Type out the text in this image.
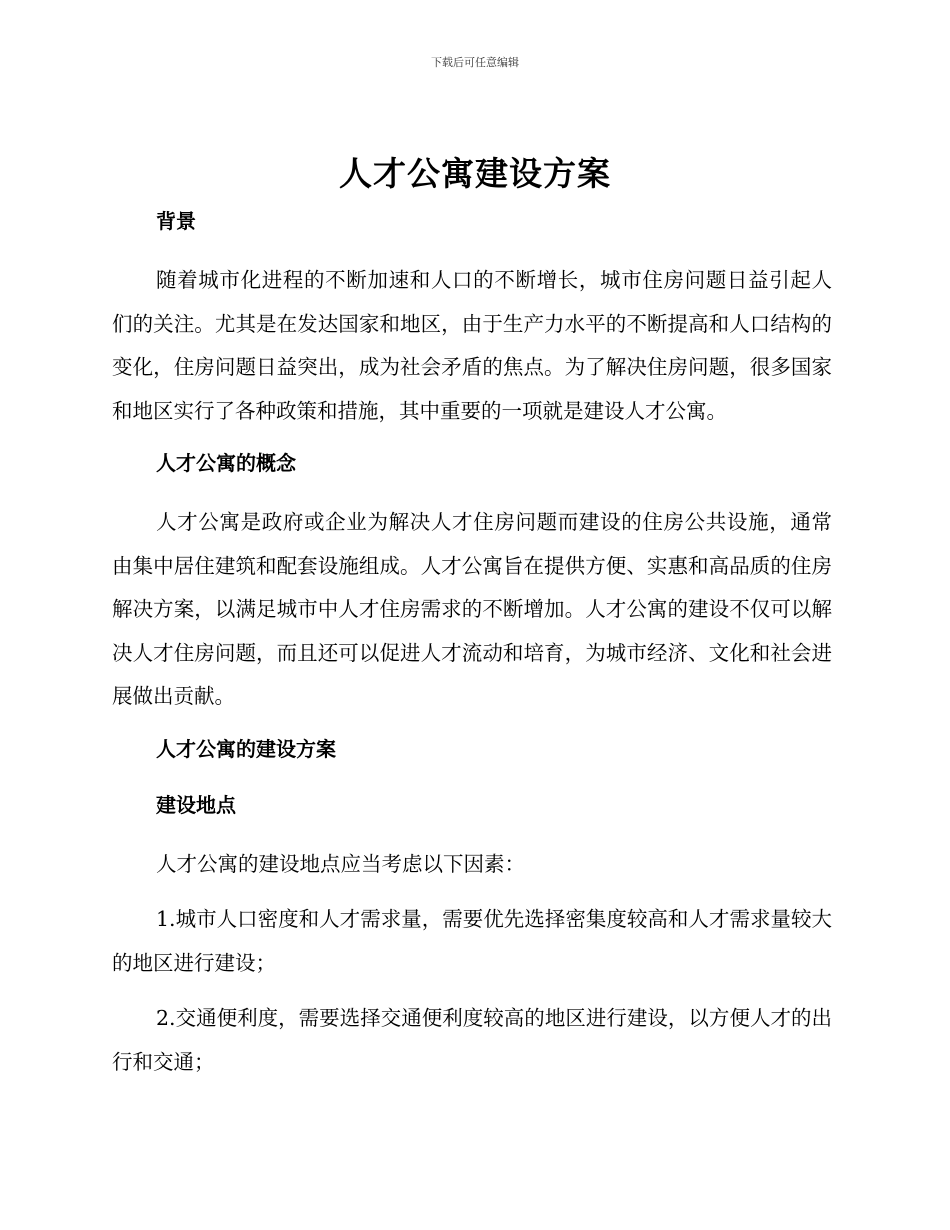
下载后可任意编辑

人才公寓建设方案
背景

随着城市化进程的不断加速和人口的不断增长，城市住房问题日益引起人们的关注。尤其是在发达国家和地区，由于生产力水平的不断提高和人口结构的变化，住房问题日益突出，成为社会矛盾的焦点。为了解决住房问题，很多国家和地区实行了各种政策和措施，其中重要的一项就是建设人才公寓。

人才公寓的概念

人才公寓是政府或企业为解决人才住房问题而建设的住房公共设施，通常由集中居住建筑和配套设施组成。人才公寓旨在提供方便、实惠和高品质的住房解决方案，以满足城市中人才住房需求的不断增加。人才公寓的建设不仅可以解决人才住房问题，而且还可以促进人才流动和培育，为城市经济、文化和社会进展做出贡献。

人才公寓的建设方案
建设地点

人才公寓的建设地点应当考虑以下因素：

1.城市人口密度和人才需求量，需要优先选择密集度较高和人才需求量较大的地区进行建设；

2.交通便利度，需要选择交通便利度较高的地区进行建设，以方便人才的出行和交通；
